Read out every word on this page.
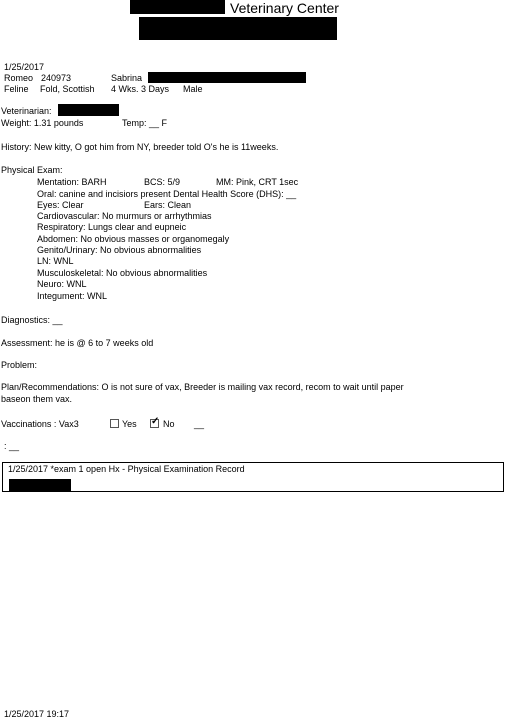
Veterinary Center
1/25/2017
Romeo 240973	Sabrina
Feline Fold, Scottish 4 Wks. 3 Days Male
Veterinarian:
Weight: 1.31 pounds	Temp: __ F
History: New kitty, O got him from NY, breeder told O's he is 11weeks.
Physical Exam:
Mentation: BARH	BCS: 5/9	MM: Pink, CRT 1sec
Oral: canine and incisiors present Dental Health Score (DHS): __
Eyes: Clear	Ears: Clean
Cardiovascular: No murmurs or arrhythmias
Respiratory: Lungs clear and eupneic
Abdomen: No obvious masses or organomegaly
Genito/Urinary: No obvious abnormalities
LN: WNL
Musculoskeletal: No obvious abnormalities
Neuro: WNL
Integument: WNL
Diagnostics: __
Assessment: he is @ 6 to 7 weeks old
Problem:
Plan/Recommendations: O is not sure of vax, Breeder is mailing vax record, recom to wait until paper
baseon them vax.
Vaccinations : Vax3	Yes ✓ No __
: __
1/25/2017 *exam 1 open Hx - Physical Examination Record
1/25/2017 19:17
